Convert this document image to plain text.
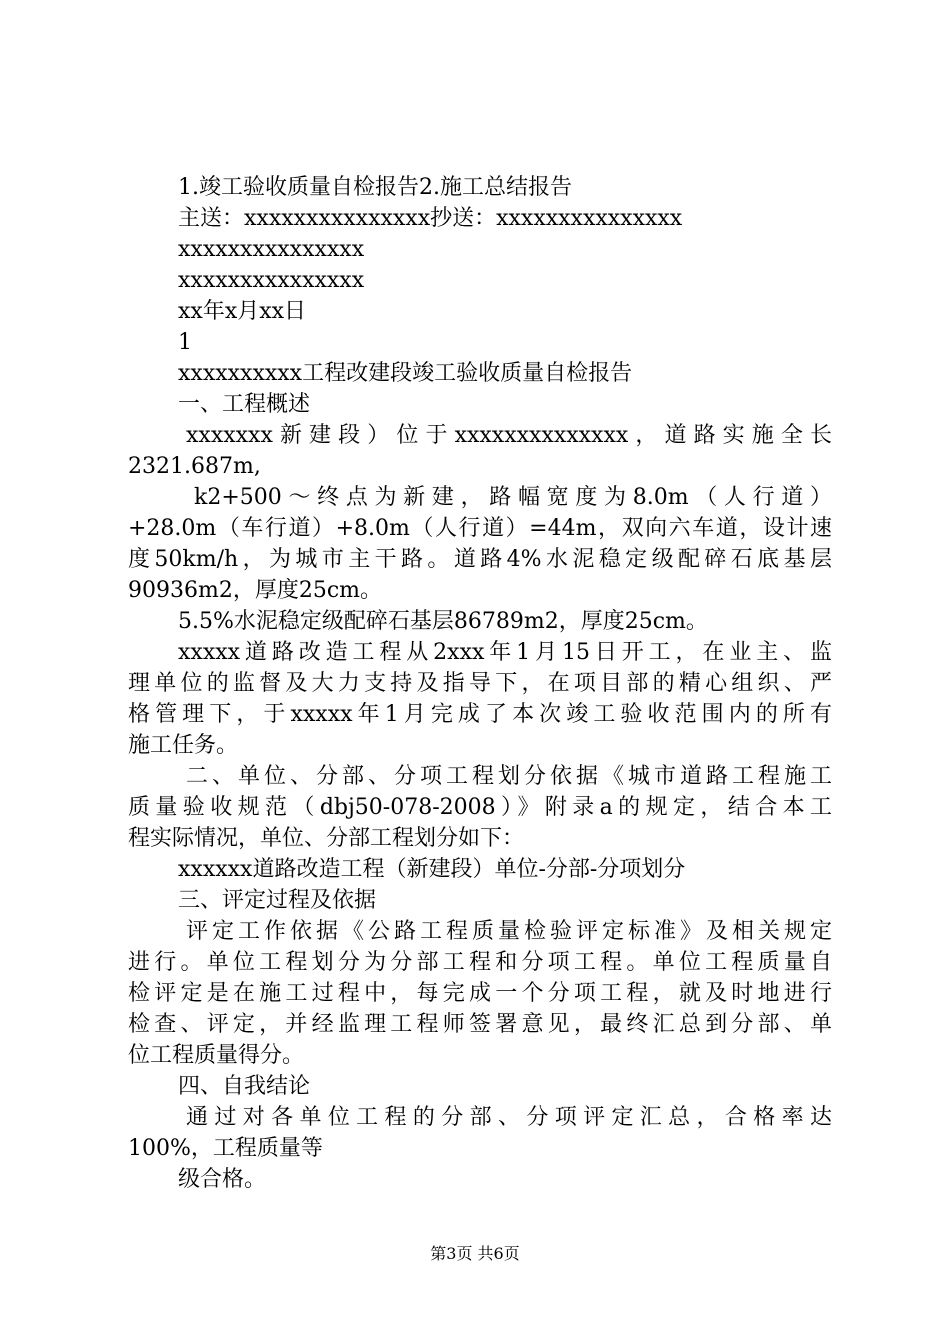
1.竣工验收质量自检报告2.施工总结报告
主送：xxxxxxxxxxxxxxx抄送：xxxxxxxxxxxxxxx
xxxxxxxxxxxxxxx
xxxxxxxxxxxxxxx
xx年x月xx日
1
xxxxxxxxxx工程改建段竣工验收质量自检报告
一、工程概述
xxxxxxx新建段）位于xxxxxxxxxxxxxx，道路实施全长
2321.687m,
k2+500～终点为新建，路幅宽度为8.0m（人行道）
+28.0m（车行道）+8.0m（人行道）=44m，双向六车道，设计速
度50km/h，为城市主干路。道路4%水泥稳定级配碎石底基层
90936m2，厚度25cm。
5.5%水泥稳定级配碎石基层86789m2，厚度25cm。
xxxxx道路改造工程从2xxx年1月15日开工，在业主、监
理单位的监督及大力支持及指导下，在项目部的精心组织、严
格管理下，于xxxxx年1月完成了本次竣工验收范围内的所有
施工任务。
二、单位、分部、分项工程划分依据《城市道路工程施工
质量验收规范（dbj50-078-2008）》附录a的规定，结合本工
程实际情况，单位、分部工程划分如下：
xxxxxx道路改造工程（新建段）单位-分部-分项划分
三、评定过程及依据
评定工作依据《公路工程质量检验评定标准》及相关规定
进行。单位工程划分为分部工程和分项工程。单位工程质量自
检评定是在施工过程中，每完成一个分项工程，就及时地进行
检查、评定，并经监理工程师签署意见，最终汇总到分部、单
位工程质量得分。
四、自我结论
通过对各单位工程的分部、分项评定汇总，合格率达
100%，工程质量等
级合格。
第3页 共6页
